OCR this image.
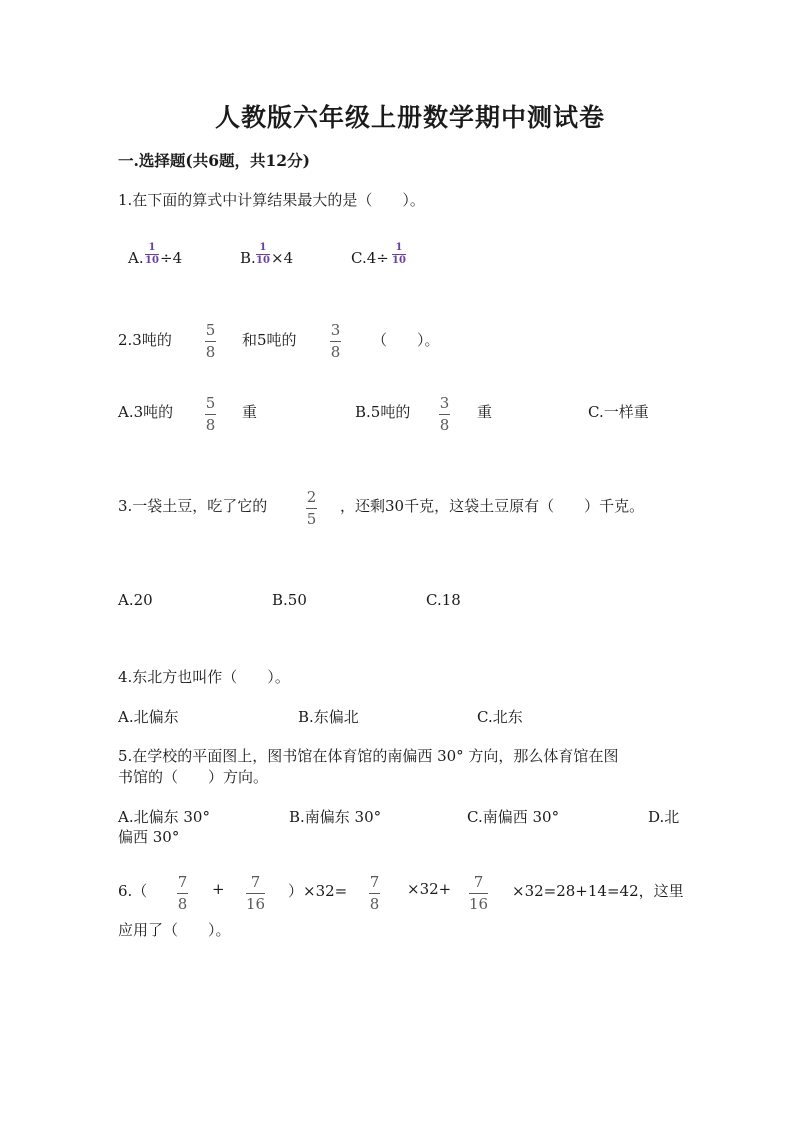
人教版六年级上册数学期中测试卷
一.选择题(共6题，共12分)
1.在下面的算式中计算结果最大的是（　　）。
A.
1
10 ÷4	B.
1
10 ×4	C.4÷
1
10
2.3吨的
5
8
和5吨的
3
8
（　　）。
A.3吨的 5
8
重	B.5吨的 3
8
重	C.一样重
3.一袋土豆，吃了它的	2
5
，还剩30千克，这袋土豆原有（　　）千克。
A.20	B.50	C.18
4.东北方也叫作（　　）。
A.北偏东	B.东偏北	C.北东
5.在学校的平面图上，图书馆在体育馆的南偏西 30° 方向，那么体育馆在图
书馆的（　　）方向。
A.北偏东 30°	B.南偏东 30°	C.南偏西 30°	D.北
偏西 30°
6.（ 7
8
+ 7
16
）×32= 7
8
×32+ 7
16
×32=28+14=42，这里
应用了（　　）。
